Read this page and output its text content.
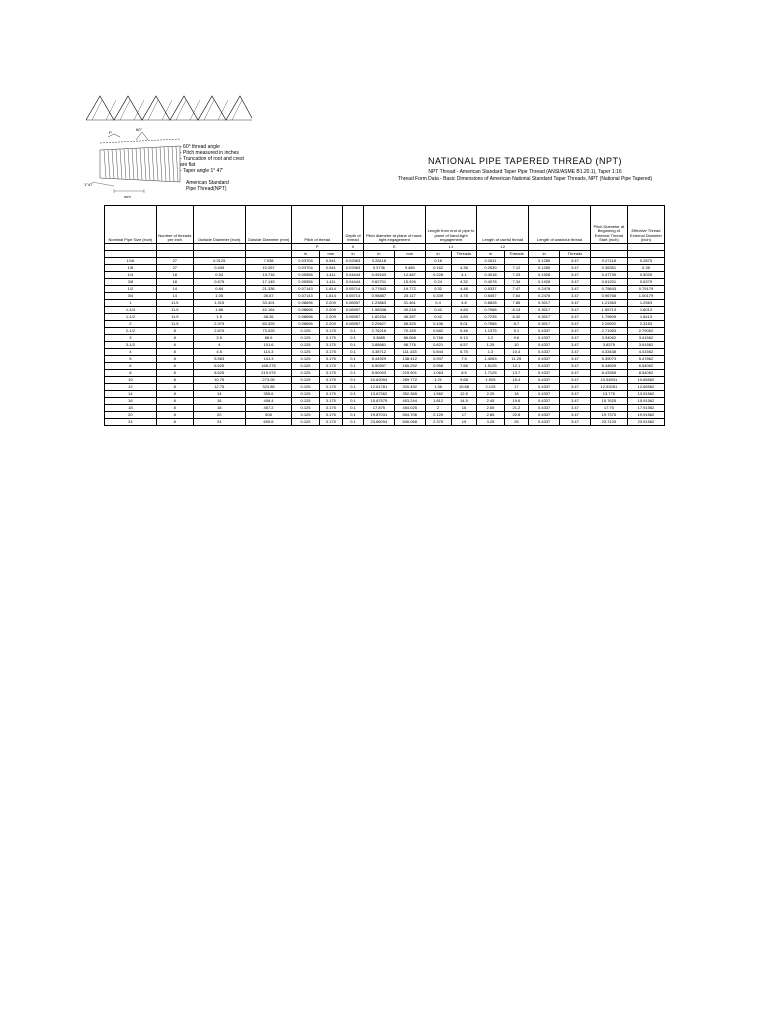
60°
P
1°47'
mm
- 60° thread angle
- Pitch measured in inches
- Truncation of root and crest
are flat
- Taper angle 1° 47'
American Standard
Pipe Thread(NPT)
NATIONAL PIPE TAPERED THREAD (NPT)
NPT Thread - American Standard Taper Pipe Thread (ANSI/ASME B1.20.1), Taper 1:16
Thread Form Data - Basic Dimensions of American National Standard Taper Threads, NPT (National Pipe Tapered)
Nominal Pipe Size (inch)	Number of threads per inch	Outside Diameter (inch)	Outside Diameter (mm)	Pitch of thread		Depth of thread	Pitch diameter at plane of hand-tight engagement		Length from end of pipe to plane of hand-tight engagement		Length of useful thread		Length of washout thread		Pitch Diameter at Beginning of External Thread Start (inch)	Effective Thread External Diameter (inch)
				P		h	E		L1		L2					
				in	mm	in	in	mm	in	Threads	in	Threads	in	Threads		
1/16	27	0.3125	7.938	0.03704	0.941	0.02963	0.28118		0.16		0.2611		0.1285	3.47	0.27118	0.2875
1/8	27	0.405	10.287	0.03704	0.941	0.02963	0.3736	9.489	0.162	4.36	0.2639	7.12	0.1285	3.47	0.36351	0.38
1/4	18	0.54	13.716	0.05556	1.411	0.04444	0.49163	12.487	0.228	4.1	0.4018	7.23	0.1928	3.47	0.47739	0.5025
3/8	18	0.675	17.145	0.05556	1.411	0.04444	0.62701	15.926	0.24	4.32	0.4078	7.34	0.1928	3.47	0.61201	0.6375
1/2	14	0.84	21.336	0.07143	1.814	0.05714	0.77843	19.772	0.32	4.48	0.5337	7.47	0.2478	3.47	0.75843	0.79179
3/4	14	1.05	26.67	0.07143	1.814	0.05714	0.98887	25.117	0.339	4.75	0.5457	7.64	0.2478	3.47	0.96768	1.00179
1	11.5	1.315	33.401	0.08696	2.209	0.06957	1.23863	31.461	0.4	4.6	0.6828	7.85	0.3017	3.47	1.21363	1.2563
1-1/4	11.5	1.66	42.164	0.08696	2.209	0.06957	1.58338	40.218	0.42	4.83	0.7068	8.13	0.3017	3.47	1.55713	1.6013
1-1/2	11.5	1.9	48.26	0.08696	2.209	0.06957	1.82234	46.287	0.42	4.83	0.7235	8.32	0.3017	3.47	1.79609	1.8413
2	11.5	2.375	60.325	0.08696	2.209	0.06957	2.29627	58.325	0.436	5.01	0.7565	8.7	0.3017	3.47	2.26902	2.3163
2-1/2	8	2.875	73.025	0.125	3.175	0.1	2.76216	70.159	0.682	5.46	1.1375	9.1	0.4337	3.47	2.71953	2.79062
3	8	3.5	88.9	0.125	3.175	0.1	3.3885	86.068	0.766	6.13	1.2	9.6	0.4337	3.47	3.34062	3.41562
3-1/2	8	4	101.6	0.125	3.175	0.1	3.88881	98.776	0.821	6.57	1.25	10	0.4337	3.47	3.8375	3.91562
4	8	4.5	114.3	0.125	3.175	0.1	4.38712	111.433	0.844	6.75	1.3	10.4	0.4337	3.47	4.33438	4.41562
5	8	5.563	141.3	0.125	3.175	0.1	5.44929	138.412	0.937	7.5	1.4063	11.25	0.4337	3.47	5.39073	5.47862
6	8	6.625	168.275	0.125	3.175	0.1	6.50597	165.252	0.958	7.66	1.5125	12.1	0.4337	3.47	6.44609	6.54062
8	8	8.625	219.075	0.125	3.175	0.1	8.50003	215.901	1.063	8.5	1.7125	13.7	0.4337	3.47	8.43359	8.54062
10	8	10.75	273.05	0.125	3.175	0.1	10.62094	269.772	1.21	9.68	1.925	15.4	0.4337	3.47	10.54531	10.66562
12	8	12.75	323.85	0.125	3.175	0.1	12.61781	320.492	1.36	10.88	2.125	17	0.4337	3.47	12.53281	12.66562
14	8	14	355.6	0.125	3.175	0.1	13.87262	352.365	1.562	12.5	2.25	18	0.4337	3.47	13.775	13.91562
16	8	16	406.4	0.125	3.175	0.1	15.87575	403.244	1.812	14.5	2.45	19.6	0.4337	3.47	15.7625	15.91562
18	8	18	457.2	0.125	3.175	0.1	17.875	454.025	2	16	2.65	21.2	0.4337	3.47	17.75	17.91562
20	8	20	508	0.125	3.175	0.1	19.87031	504.706	2.125	17	2.85	22.8	0.4337	3.47	19.7375	19.91562
24	8	24	609.6	0.125	3.175	0.1	23.86094	606.068	2.375	19	3.25	26	0.4337	3.47	23.7125	23.91562
